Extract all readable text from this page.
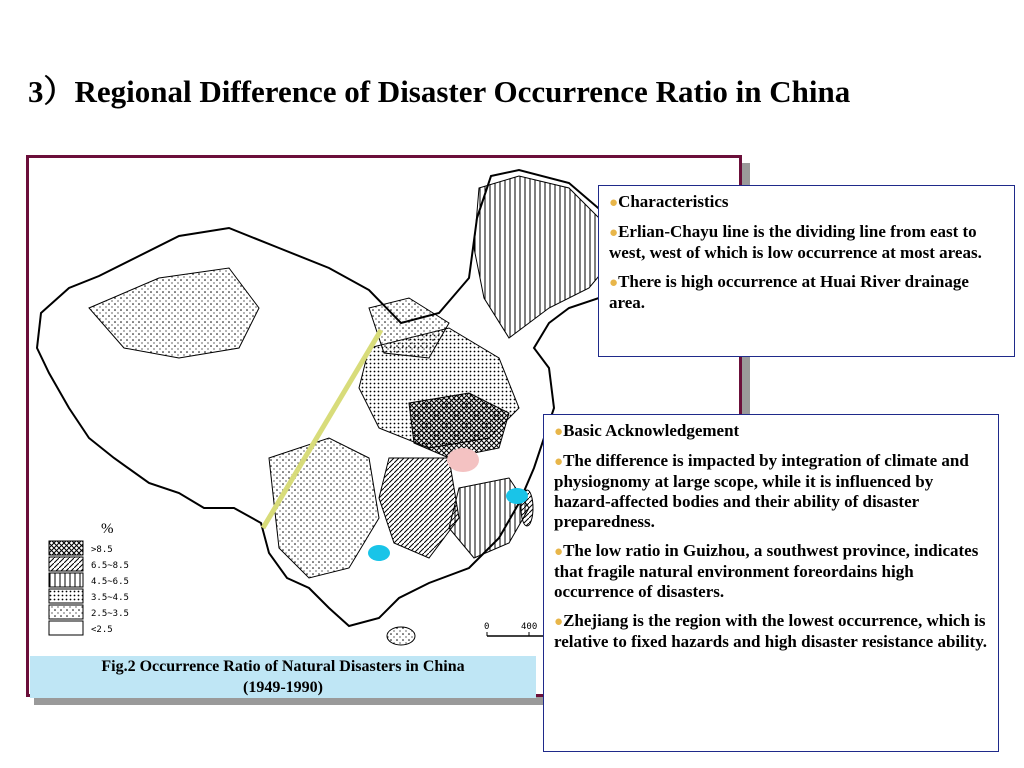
3）Regional Difference of Disaster Occurrence Ratio in China
%
>8.5
6.5~8.5
4.5~6.5
3.5~4.5
2.5~3.5
<2.5	0	400
Fig.2 Occurrence Ratio of Natural Disasters in China
(1949-1990)

●Characteristics

●Erlian-Chayu line is the dividing line from east to west, west of which is low occurrence at most areas.

●There is high occurrence at Huai River drainage area.

●Basic Acknowledgement

●The difference is impacted by integration of climate and physiognomy at large scope, while it is influenced by hazard-affected bodies and their ability of disaster preparedness.

●The low ratio in Guizhou, a southwest province, indicates that fragile natural environment foreordains high occurrence of disasters.

●Zhejiang is the region with the lowest occurrence, which is relative to fixed hazards and high disaster resistance ability.
